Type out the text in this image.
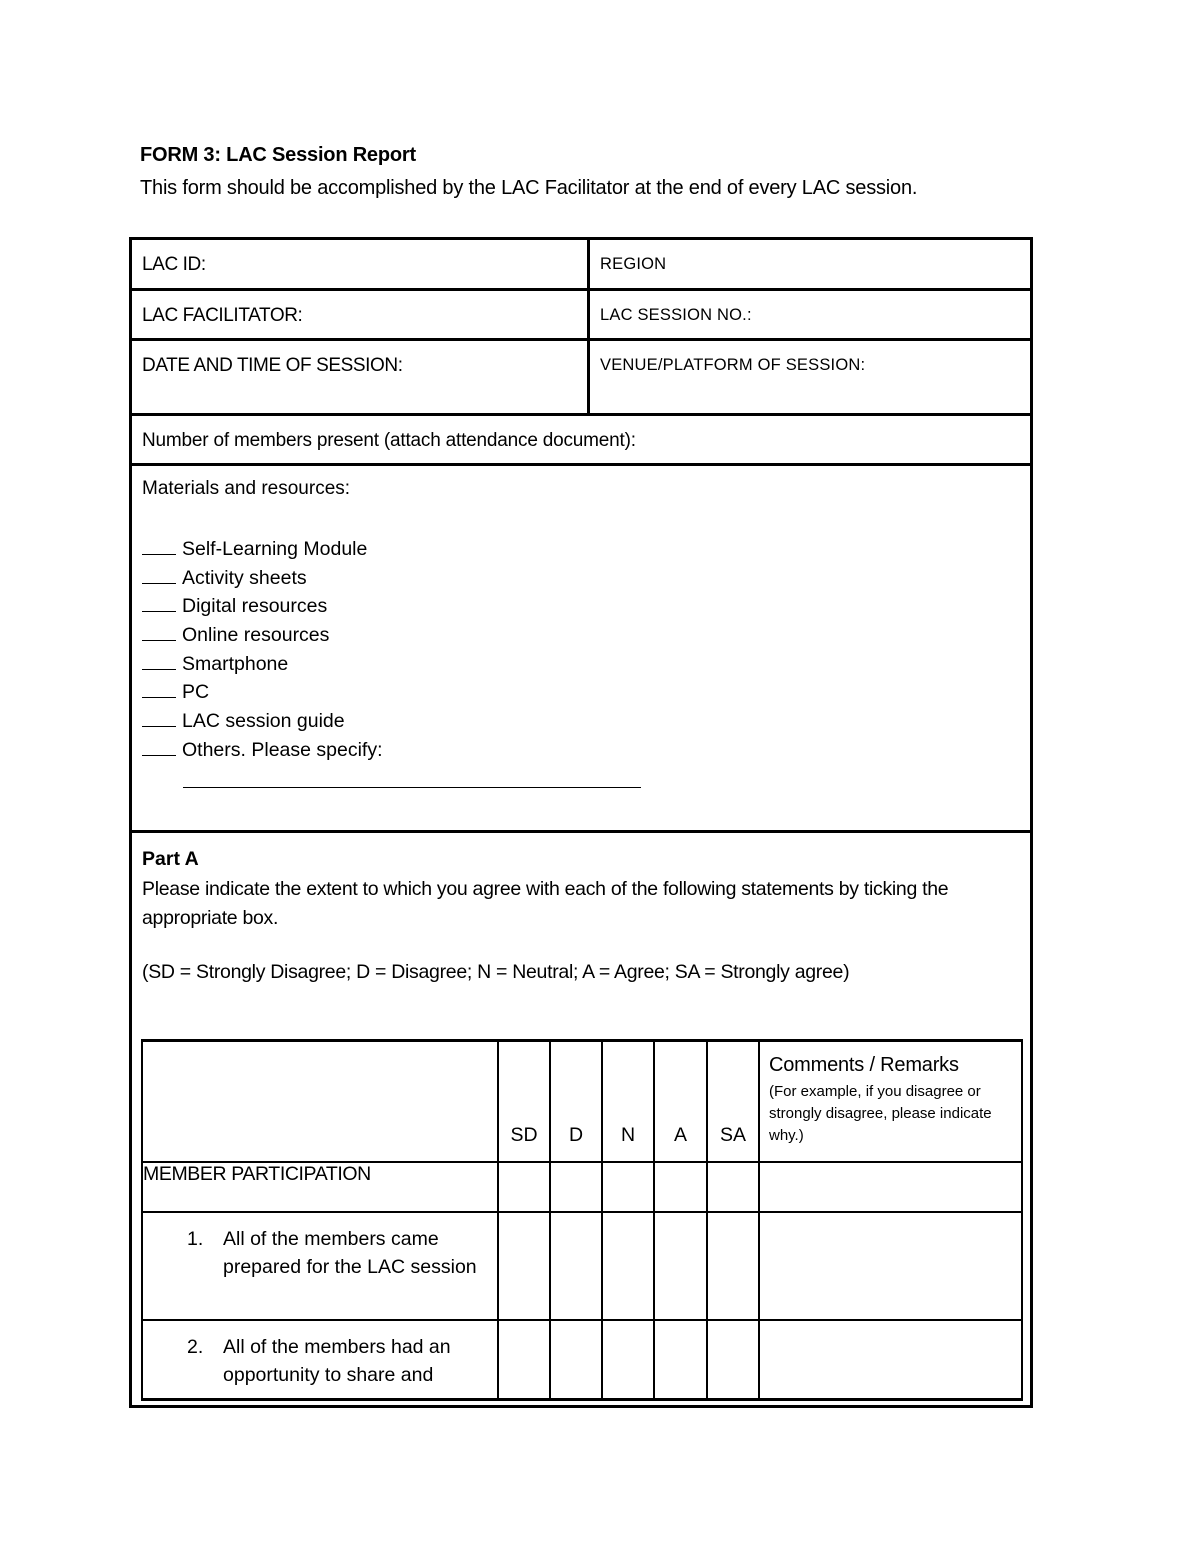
FORM 3: LAC Session Report
This form should be accomplished by the LAC Facilitator at the end of every LAC session.
LAC ID:	REGION
LAC FACILITATOR:	LAC SESSION NO.:
DATE AND TIME OF SESSION:	VENUE/PLATFORM OF SESSION:
Number of members present (attach attendance document):
Materials and resources:
Self-Learning Module
Activity sheets
Digital resources
Online resources
Smartphone
PC
LAC session guide
Others. Please specify:
Part A
Please indicate the extent to which you agree with each of the following statements by ticking the appropriate box.
(SD = Strongly Disagree; D = Disagree; N = Neutral; A = Agree; SA = Strongly agree)
	SD	D	N	A	SA	Comments / Remarks
(For example, if you disagree or strongly disagree, please indicate why.)

MEMBER PARTICIPATION						

1. All of the members came prepared for the LAC session						

2. All of the members had an opportunity to share and						
